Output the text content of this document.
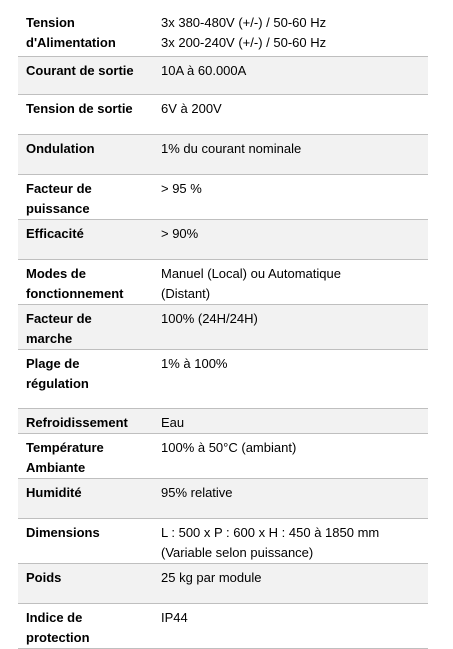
Tension
d'Alimentation	3x 380-480V (+/-) / 50-60 Hz
3x 200-240V (+/-) / 50-60 Hz

Courant de sortie	10A à 60.000A

Tension de sortie	6V à 200V

Ondulation	1% du courant nominale

Facteur de
puissance	> 95 %

Efficacité	> 90%

Modes de
fonctionnement	Manuel (Local) ou Automatique
(Distant)

Facteur de
marche	100% (24H/24H)

Plage de
régulation	1% à 100%

Refroidissement	Eau

Température
Ambiante	100% à 50°C (ambiant)

Humidité	95% relative

Dimensions	L : 500 x P : 600 x H : 450 à 1850 mm
(Variable selon puissance)

Poids	25 kg par module

Indice de
protection	IP44
